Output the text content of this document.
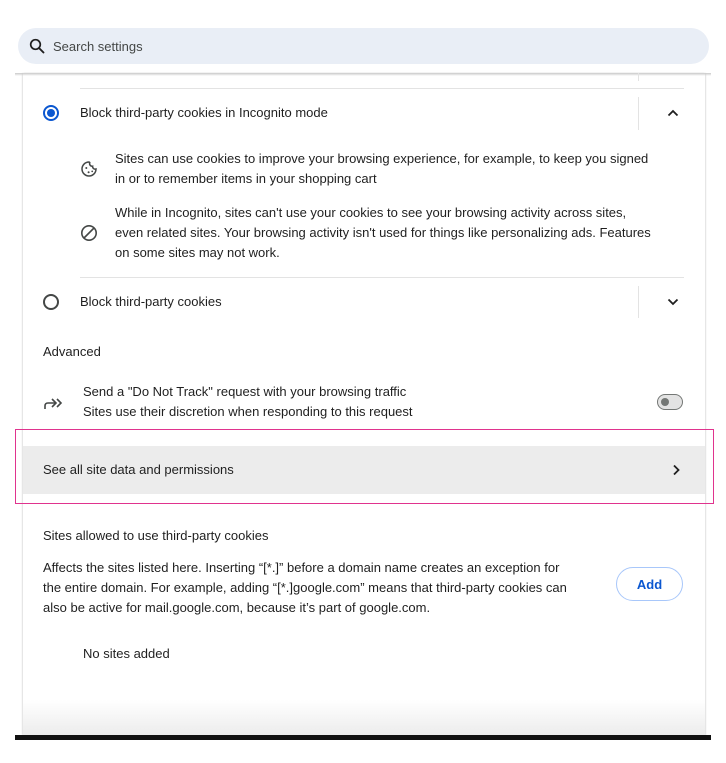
Search settings
Block third-party cookies in Incognito mode
Sites can use cookies to improve your browsing experience, for example, to keep you signed
in or to remember items in your shopping cart
While in Incognito, sites can't use your cookies to see your browsing activity across sites,
even related sites. Your browsing activity isn't used for things like personalizing ads. Features
on some sites may not work.
Block third-party cookies
Advanced
Send a "Do Not Track" request with your browsing traffic
Sites use their discretion when responding to this request
See all site data and permissions
Sites allowed to use third-party cookies
Affects the sites listed here. Inserting “[*.]” before a domain name creates an exception for
the entire domain. For example, adding “[*.]google.com” means that third-party cookies can
also be active for mail.google.com, because it’s part of google.com.
Add
No sites added
